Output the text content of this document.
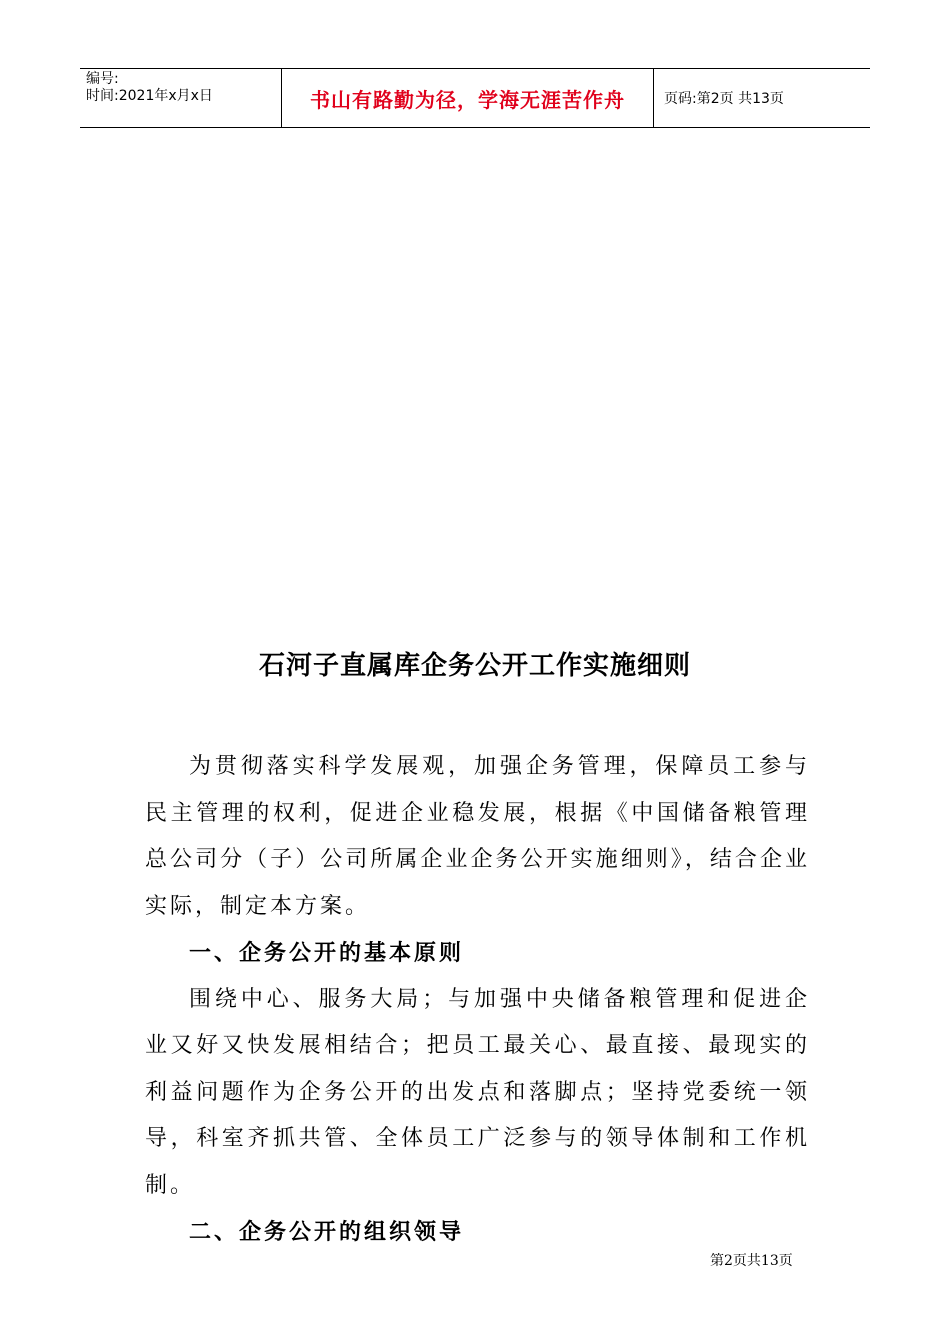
编号:
时间:2021年x月x日	书山有路勤为径，学海无涯苦作舟	页码:第2页 共13页
石河子直属库企务公开工作实施细则

为贯彻落实科学发展观，加强企务管理，保障员工参与民主管理的权利，促进企业稳发展，根据《中国储备粮管理总公司分（子）公司所属企业企务公开实施细则》，结合企业实际，制定本方案。

一、企务公开的基本原则

围绕中心、服务大局；与加强中央储备粮管理和促进企业又好又快发展相结合；把员工最关心、最直接、最现实的利益问题作为企务公开的出发点和落脚点；坚持党委统一领导，科室齐抓共管、全体员工广泛参与的领导体制和工作机制。

二、企务公开的组织领导
第2页共13页
